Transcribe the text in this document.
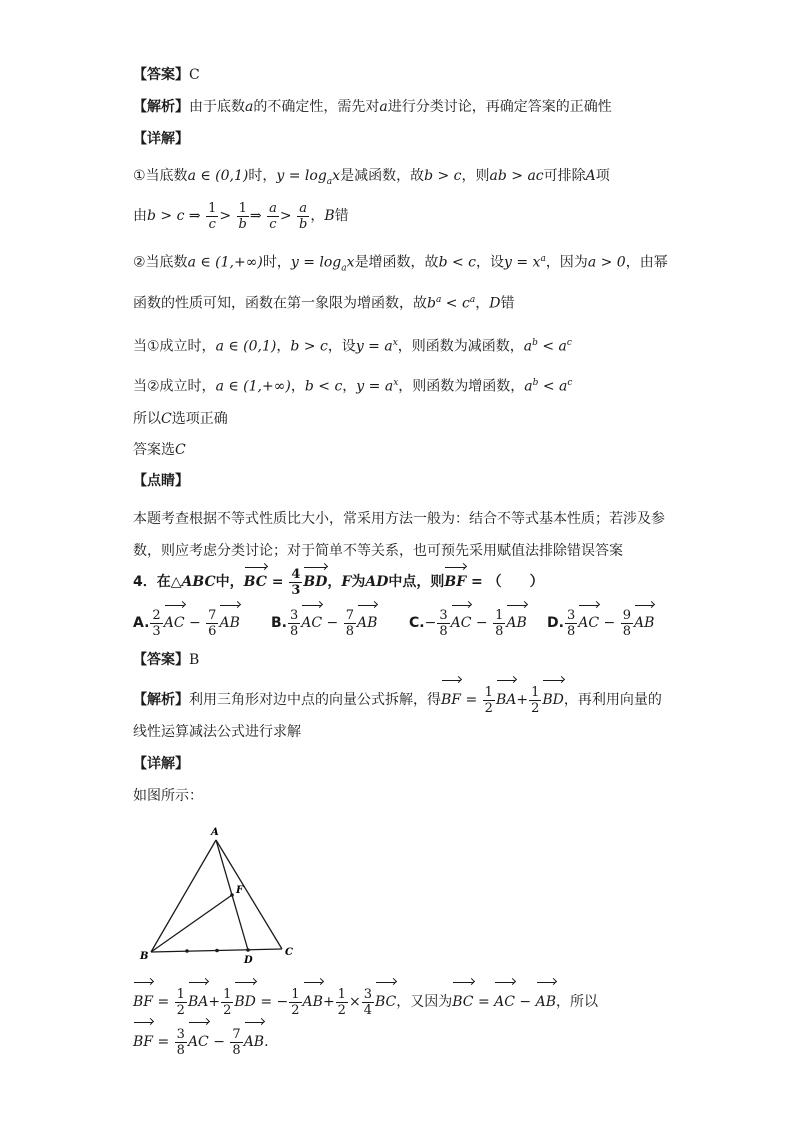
【答案】C
【解析】由于底数a的不确定性，需先对a进行分类讨论，再确定答案的正确性
【详解】
①当底数a ∈ (0,1)时，$y = \log_ax$是减函数，故b > c，则ab > ac可排除A项
由b > c ⇒ $\frac{1}{c} > \frac{1}{b}$ ⇒ $\frac{a}{c} > \frac{a}{b}$ ，B错
②当底数a ∈ (1,+∞)时，$y = \log_ax$是增函数，故b < c，设$y = x^a$，因为a > 0，由幂
函数的性质可知，函数在第一象限为增函数，故$b^a < c^a$，D错
当①成立时，a ∈ (0,1)，b > c，设$y = a^x$，则函数为减函数，$a^b < a^c$
当②成立时，a ∈ (1,+∞)，b < c，$y = a^x$，则函数为增函数，$a^b < a^c$
所以C选项正确
答案选C
【点睛】
本题考查根据不等式性质比大小，常采用方法一般为：结合不等式基本性质；若涉及参数，则应考虑分类讨论；对于简单不等关系，也可预先采用赋值法排除错误答案
4．在△ABC中，BC = $\frac{4}{3}$ BD，F为AD中点，则BF = （　　）
A. $\frac{2}{3}$ AC − $\frac{7}{6}$ AB B. $\frac{3}{8}$ AC − $\frac{7}{8}$ AB $C.- \frac{3}{8}$ AC − $\frac{1}{8}$ AB D. $\frac{3}{8}$ AC − $\frac{9}{8}$ AB
【答案】B
【解析】利用三角形对边中点的向量公式拆解，得BF = $\frac{1}{2} BA+ \frac{1}{2}$ BD，再利用向量的
线性运算减法公式进行求解
【详解】
如图所示：
A
B	C
D
F
BF = $\frac{1}{2} BA+ \frac{1}{2}$ BD = − $\frac{1}{2} AB+ \frac{1}{2} \times \frac{3}{4}$ BC，又因为BC = AC − AB，所以
BF = $\frac{3}{8}$ AC − $\frac{7}{8}$ AB.
